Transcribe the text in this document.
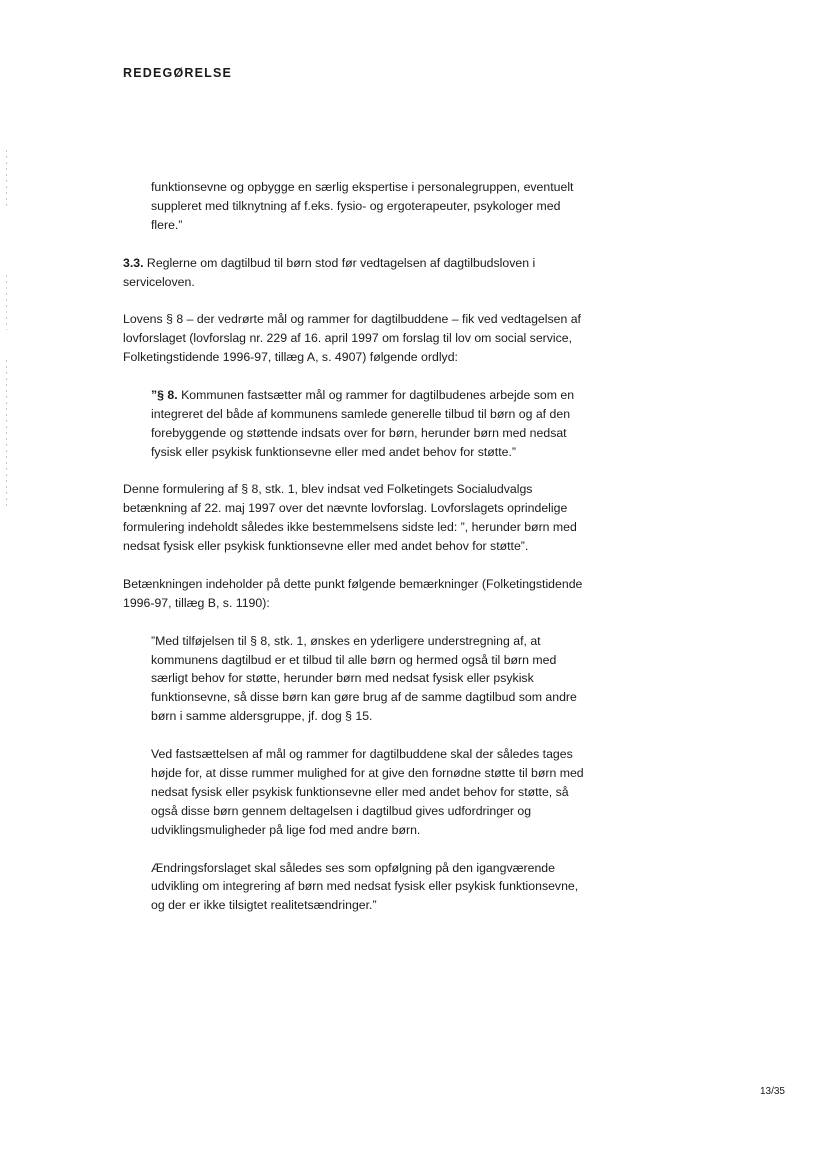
REDEGØRELSE

funktionsevne og opbygge en særlig ekspertise i personalegruppen, eventuelt suppleret med tilknytning af f.eks. fysio- og ergoterapeuter, psykologer med flere.”

3.3. Reglerne om dagtilbud til børn stod før vedtagelsen af dagtilbudsloven i serviceloven.

Lovens § 8 – der vedrørte mål og rammer for dagtilbuddene – fik ved vedtagelsen af lovforslaget (lovforslag nr. 229 af 16. april 1997 om forslag til lov om social service, Folketingstidende 1996-97, tillæg A, s. 4907) følgende ordlyd:

”§ 8. Kommunen fastsætter mål og rammer for dagtilbudenes arbejde som en integreret del både af kommunens samlede generelle tilbud til børn og af den forebyggende og støttende indsats over for børn, herunder børn med nedsat fysisk eller psykisk funktionsevne eller med andet behov for støtte.”

Denne formulering af § 8, stk. 1, blev indsat ved Folketingets Socialudvalgs betænkning af 22. maj 1997 over det nævnte lovforslag. Lovforslagets oprindelige formulering indeholdt således ikke bestemmelsens sidste led: ”, herunder børn med nedsat fysisk eller psykisk funktionsevne eller med andet behov for støtte”.

Betænkningen indeholder på dette punkt følgende bemærkninger (Folketingstidende 1996-97, tillæg B, s. 1190):

”Med tilføjelsen til § 8, stk. 1, ønskes en yderligere understregning af, at kommunens dagtilbud er et tilbud til alle børn og hermed også til børn med særligt behov for støtte, herunder børn med nedsat fysisk eller psykisk funktionsevne, så disse børn kan gøre brug af de samme dagtilbud som andre børn i samme aldersgruppe, jf. dog § 15.

Ved fastsættelsen af mål og rammer for dagtilbuddene skal der således tages højde for, at disse rummer mulighed for at give den fornødne støtte til børn med nedsat fysisk eller psykisk funktionsevne eller med andet behov for støtte, så også disse børn gennem deltagelsen i dagtilbud gives udfordringer og udviklingsmuligheder på lige fod med andre børn.

Ændringsforslaget skal således ses som opfølgning på den igangværende udvikling om integrering af børn med nedsat fysisk eller psykisk funktionsevne, og der er ikke tilsigtet realitetsændringer.”

13/35
